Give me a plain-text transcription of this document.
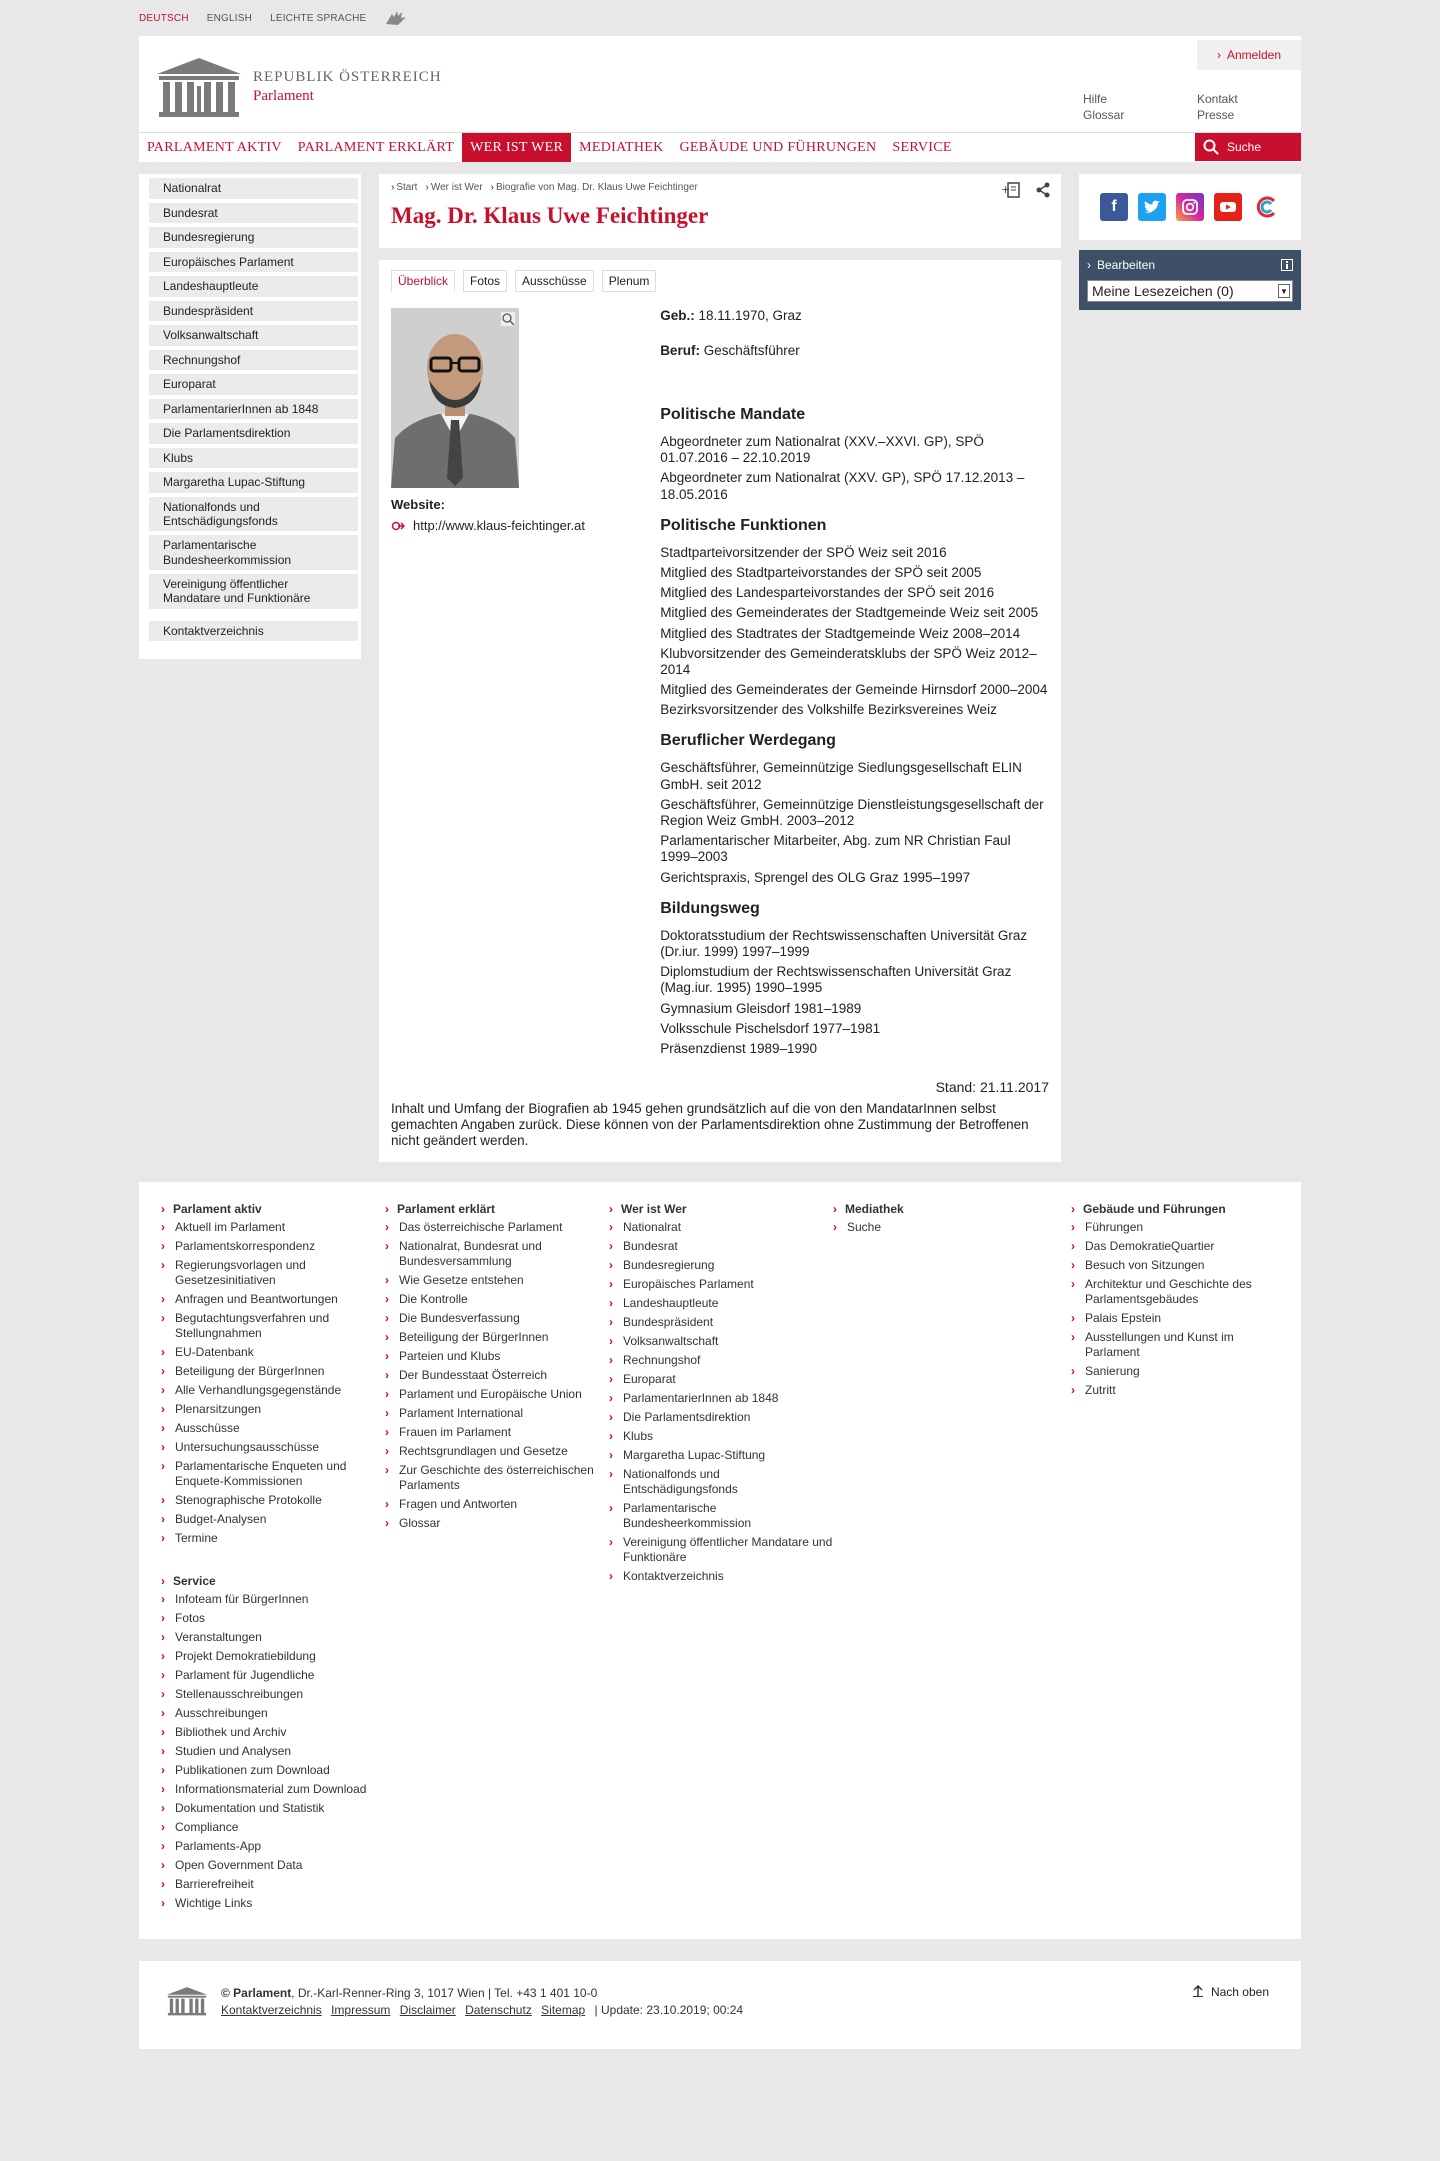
DEUTSCH ENGLISH LEICHTE SPRACHE
REPUBLIK ÖSTERREICH
Parlament
› Anmelden
Hilfe	Kontakt
Glossar	Presse
PARLAMENT AKTIV	PARLAMENT ERKLÄRT	WER IST WER	MEDIATHEK	GEBÄUDE UND FÜHRUNGEN	SERVICE	Suche
Nationalrat
Bundesrat
Bundesregierung
Europäisches Parlament
Landeshauptleute
Bundespräsident
Volksanwaltschaft
Rechnungshof
Europarat
ParlamentarierInnen ab 1848
Die Parlamentsdirektion
Klubs
Margaretha Lupac-Stiftung
Nationalfonds und Entschädigungsfonds
Parlamentarische Bundesheerkommission
Vereinigung öffentlicher Mandatare und Funktionäre
Kontaktverzeichnis
› Start	› Wer ist Wer	› Biografie von Mag. Dr. Klaus Uwe Feichtinger
Mag. Dr. Klaus Uwe Feichtinger
+
Überblick	Fotos	Ausschüsse	Plenum
Website:
http://www.klaus-feichtinger.at

Geb.: 18.11.1970, Graz

Beruf: Geschäftsführer

Politische Mandate
Abgeordneter zum Nationalrat (XXV.–XXVI. GP), SPÖ 01.07.2016 – 22.10.2019
Abgeordneter zum Nationalrat (XXV. GP), SPÖ 17.12.2013 – 18.05.2016
Politische Funktionen
Stadtparteivorsitzender der SPÖ Weiz seit 2016
Mitglied des Stadtparteivorstandes der SPÖ seit 2005
Mitglied des Landesparteivorstandes der SPÖ seit 2016
Mitglied des Gemeinderates der Stadtgemeinde Weiz seit 2005
Mitglied des Stadtrates der Stadtgemeinde Weiz 2008–2014
Klubvorsitzender des Gemeinderatsklubs der SPÖ Weiz 2012–2014
Mitglied des Gemeinderates der Gemeinde Hirnsdorf 2000–2004
Bezirksvorsitzender des Volkshilfe Bezirksvereines Weiz
Beruflicher Werdegang
Geschäftsführer, Gemeinnützige Siedlungsgesellschaft ELIN GmbH. seit 2012
Geschäftsführer, Gemeinnützige Dienstleistungsgesellschaft der Region Weiz GmbH. 2003–2012
Parlamentarischer Mitarbeiter, Abg. zum NR Christian Faul 1999–2003
Gerichtspraxis, Sprengel des OLG Graz 1995–1997
Bildungsweg
Doktoratsstudium der Rechtswissenschaften Universität Graz (Dr.iur. 1999) 1997–1999
Diplomstudium der Rechtswissenschaften Universität Graz (Mag.iur. 1995) 1990–1995
Gymnasium Gleisdorf 1981–1989
Volksschule Pischelsdorf 1977–1981
Präsenzdienst 1989–1990
Stand: 21.11.2017
Inhalt und Umfang der Biografien ab 1945 gehen grundsätzlich auf die von den MandatarInnen selbst gemachten Angaben zurück. Diese können von der Parlamentsdirektion ohne Zustimmung der Betroffenen nicht geändert werden.
f
› Bearbeiten
Meine Lesezeichen (0)	▼
› Parlament aktiv
› Aktuell im Parlament
› Parlamentskorrespondenz
› Regierungsvorlagen und Gesetzesinitiativen
› Anfragen und Beantwortungen
› Begutachtungsverfahren und Stellungnahmen
› EU-Datenbank
› Beteiligung der BürgerInnen
› Alle Verhandlungsgegenstände
› Plenarsitzungen
› Ausschüsse
› Untersuchungsausschüsse
› Parlamentarische Enqueten und Enquete-Kommissionen
› Stenographische Protokolle
› Budget-Analysen
› Termine
› Service
› Infoteam für BürgerInnen
› Fotos
› Veranstaltungen
› Projekt Demokratiebildung
› Parlament für Jugendliche
› Stellenausschreibungen
› Ausschreibungen
› Bibliothek und Archiv
› Studien und Analysen
› Publikationen zum Download
› Informationsmaterial zum Download
› Dokumentation und Statistik
› Compliance
› Parlaments-App
› Open Government Data
› Barrierefreiheit
› Wichtige Links
› Parlament erklärt
› Das österreichische Parlament
› Nationalrat, Bundesrat und Bundesversammlung
› Wie Gesetze entstehen
› Die Kontrolle
› Die Bundesverfassung
› Beteiligung der BürgerInnen
› Parteien und Klubs
› Der Bundesstaat Österreich
› Parlament und Europäische Union
› Parlament International
› Frauen im Parlament
› Rechtsgrundlagen und Gesetze
› Zur Geschichte des österreichischen Parlaments
› Fragen und Antworten
› Glossar
› Wer ist Wer
› Nationalrat
› Bundesrat
› Bundesregierung
› Europäisches Parlament
› Landeshauptleute
› Bundespräsident
› Volksanwaltschaft
› Rechnungshof
› Europarat
› ParlamentarierInnen ab 1848
› Die Parlamentsdirektion
› Klubs
› Margaretha Lupac-Stiftung
› Nationalfonds und Entschädigungsfonds
› Parlamentarische Bundesheerkommission
› Vereinigung öffentlicher Mandatare und Funktionäre
› Kontaktverzeichnis
› Mediathek
› Suche
› Gebäude und Führungen
› Führungen
› Das DemokratieQuartier
› Besuch von Sitzungen
› Architektur und Geschichte des Parlamentsgebäudes
› Palais Epstein
› Ausstellungen und Kunst im Parlament
› Sanierung
› Zutritt
© Parlament, Dr.-Karl-Renner-Ring 3, 1017 Wien | Tel. +43 1 401 10-0
Kontaktverzeichnis Impressum Disclaimer Datenschutz Sitemap | Update: 23.10.2019; 00:24
Nach oben
